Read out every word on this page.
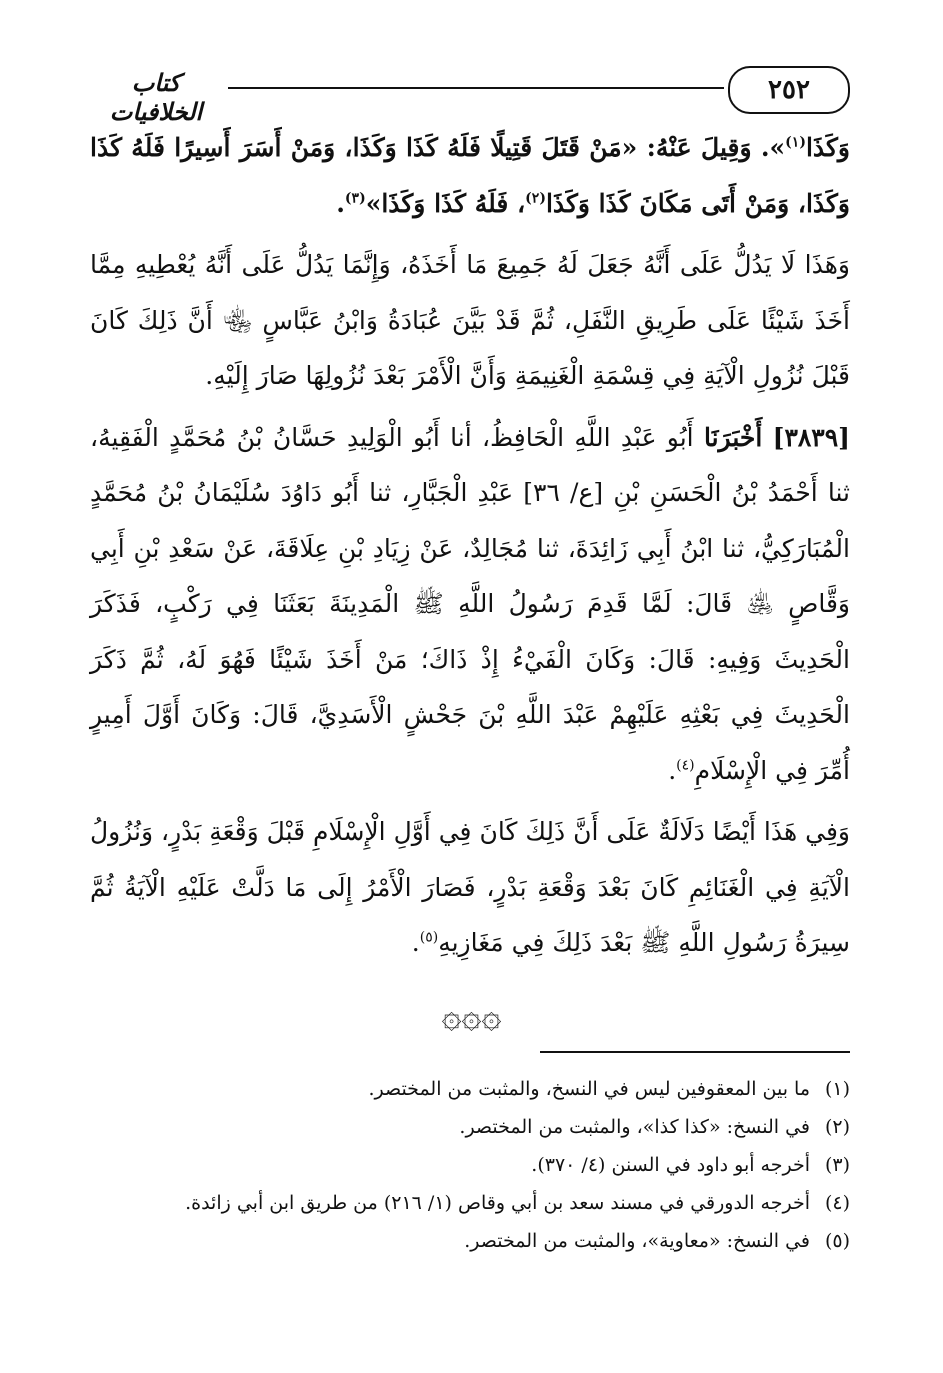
كتاب الخلافيات
٢٥٢

وَكَذَا$^{(١)}$». وَقِيلَ عَنْهُ: «مَنْ قَتَلَ قَتِيلًا فَلَهُ كَذَا وَكَذَا، وَمَنْ أَسَرَ أَسِيرًا فَلَهُ كَذَا وَكَذَا، وَمَنْ أَتَى مَكَانَ كَذَا وَكَذَا$^{(٢)}$، فَلَهُ كَذَا وَكَذَا»$^{(٣)}$.

وَهَذَا لَا يَدُلُّ عَلَى أَنَّهُ جَعَلَ لَهُ جَمِيعَ مَا أَخَذَهُ، وَإِنَّمَا يَدُلُّ عَلَى أَنَّهُ يُعْطِيهِ مِمَّا أَخَذَ شَيْئًا عَلَى طَرِيقِ النَّفَلِ، ثُمَّ قَدْ بَيَّنَ عُبَادَةُ وَابْنُ عَبَّاسٍ ﵄ أَنَّ ذَلِكَ كَانَ قَبْلَ نُزُولِ الْآيَةِ فِي قِسْمَةِ الْغَنِيمَةِ وَأَنَّ الْأَمْرَ بَعْدَ نُزُولِهَا صَارَ إِلَيْهِ.

[٣٨٣٩] أَخْبَرَنَا أَبُو عَبْدِ اللَّهِ الْحَافِظُ، أنا أَبُو الْوَلِيدِ حَسَّانُ بْنُ مُحَمَّدٍ الْفَقِيهُ، ثنا أَحْمَدُ بْنُ الْحَسَنِ بْنِ [ع/ ٣٦] عَبْدِ الْجَبَّارِ، ثنا أَبُو دَاوُدَ سُلَيْمَانُ بْنُ مُحَمَّدٍ الْمُبَارَكِيُّ، ثنا ابْنُ أَبِي زَائِدَةَ، ثنا مُجَالِدٌ، عَنْ زِيَادِ بْنِ عِلَاقَةَ، عَنْ سَعْدِ بْنِ أَبِي وَقَّاصٍ ﵁ قَالَ: لَمَّا قَدِمَ رَسُولُ اللَّهِ ﷺ الْمَدِينَةَ بَعَثَنَا فِي رَكْبٍ، فَذَكَرَ الْحَدِيثَ وَفِيهِ: قَالَ: وَكَانَ الْفَيْءُ إِذْ ذَاكَ؛ مَنْ أَخَذَ شَيْئًا فَهُوَ لَهُ، ثُمَّ ذَكَرَ الْحَدِيثَ فِي بَعْثِهِ عَلَيْهِمْ عَبْدَ اللَّهِ بْنَ جَحْشٍ الْأَسَدِيَّ، قَالَ: وَكَانَ أَوَّلَ أَمِيرٍ أُمِّرَ فِي الْإِسْلَامِ$^{(٤)}$.

وَفِي هَذَا أَيْضًا دَلَالَةٌ عَلَى أَنَّ ذَلِكَ كَانَ فِي أَوَّلِ الْإِسْلَامِ قَبْلَ وَقْعَةِ بَدْرٍ، وَنُزُولُ الْآيَةِ فِي الْغَنَائِمِ كَانَ بَعْدَ وَقْعَةِ بَدْرٍ، فَصَارَ الْأَمْرُ إِلَى مَا دَلَّتْ عَلَيْهِ الْآيَةُ ثُمَّ سِيرَةُ رَسُولِ اللَّهِ ﷺ بَعْدَ ذَلِكَ فِي مَغَازِيهِ$^{(٥)}$.

۞۞۞
(١)
ما بين المعقوفين ليس في النسخ، والمثبت من المختصر.
(٢)
في النسخ: «كذا كذا»، والمثبت من المختصر.
(٣)
أخرجه أبو داود في السنن (٤/ ٣٧٠).
(٤)
أخرجه الدورقي في مسند سعد بن أبي وقاص (١/ ٢١٦) من طريق ابن أبي زائدة.
(٥)
في النسخ: «معاوية»، والمثبت من المختصر.
